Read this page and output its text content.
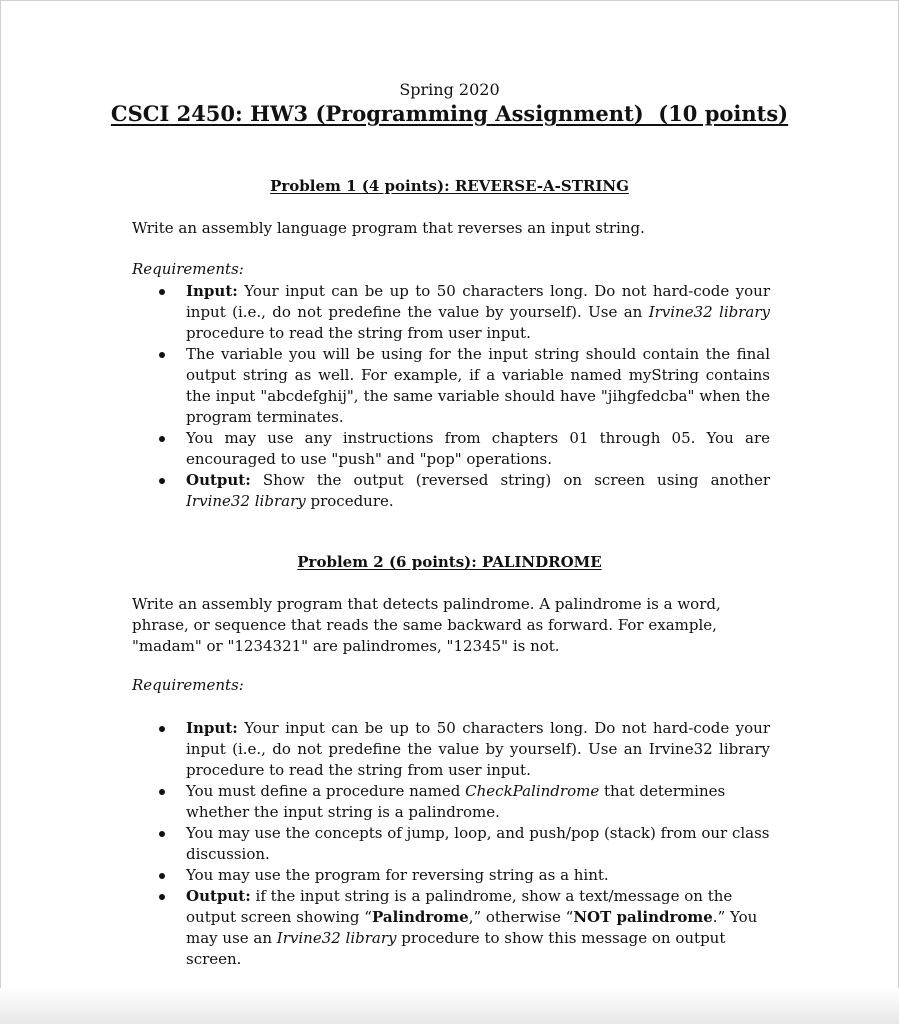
Spring 2020
CSCI 2450: HW3 (Programming Assignment)  (10 points)
Problem 1 (4 points): REVERSE-A-STRING
Write an assembly language program that reverses an input string.
Requirements:
Input: Your input can be up to 50 characters long. Do not hard-code your input (i.e., do not predefine the value by yourself). Use an Irvine32 library procedure to read the string from user input.
The variable you will be using for the input string should contain the final output string as well. For example, if a variable named myString contains the input "abcdefghij", the same variable should have "jihgfedcba" when the program terminates.
You may use any instructions from chapters 01 through 05. You are encouraged to use "push" and "pop" operations.
Output: Show the output (reversed string) on screen using another Irvine32 library procedure.
Problem 2 (6 points): PALINDROME
Write an assembly program that detects palindrome. A palindrome is a word, phrase, or sequence that reads the same backward as forward. For example, "madam" or "1234321" are palindromes, "12345" is not.
Requirements:
Input: Your input can be up to 50 characters long. Do not hard-code your input (i.e., do not predefine the value by yourself). Use an Irvine32 library procedure to read the string from user input.
You must define a procedure named CheckPalindrome that determines whether the input string is a palindrome.
You may use the concepts of jump, loop, and push/pop (stack) from our class discussion.
You may use the program for reversing string as a hint.
Output: if the input string is a palindrome, show a text/message on the output screen showing “Palindrome,” otherwise “NOT palindrome.” You may use an Irvine32 library procedure to show this message on output screen.
